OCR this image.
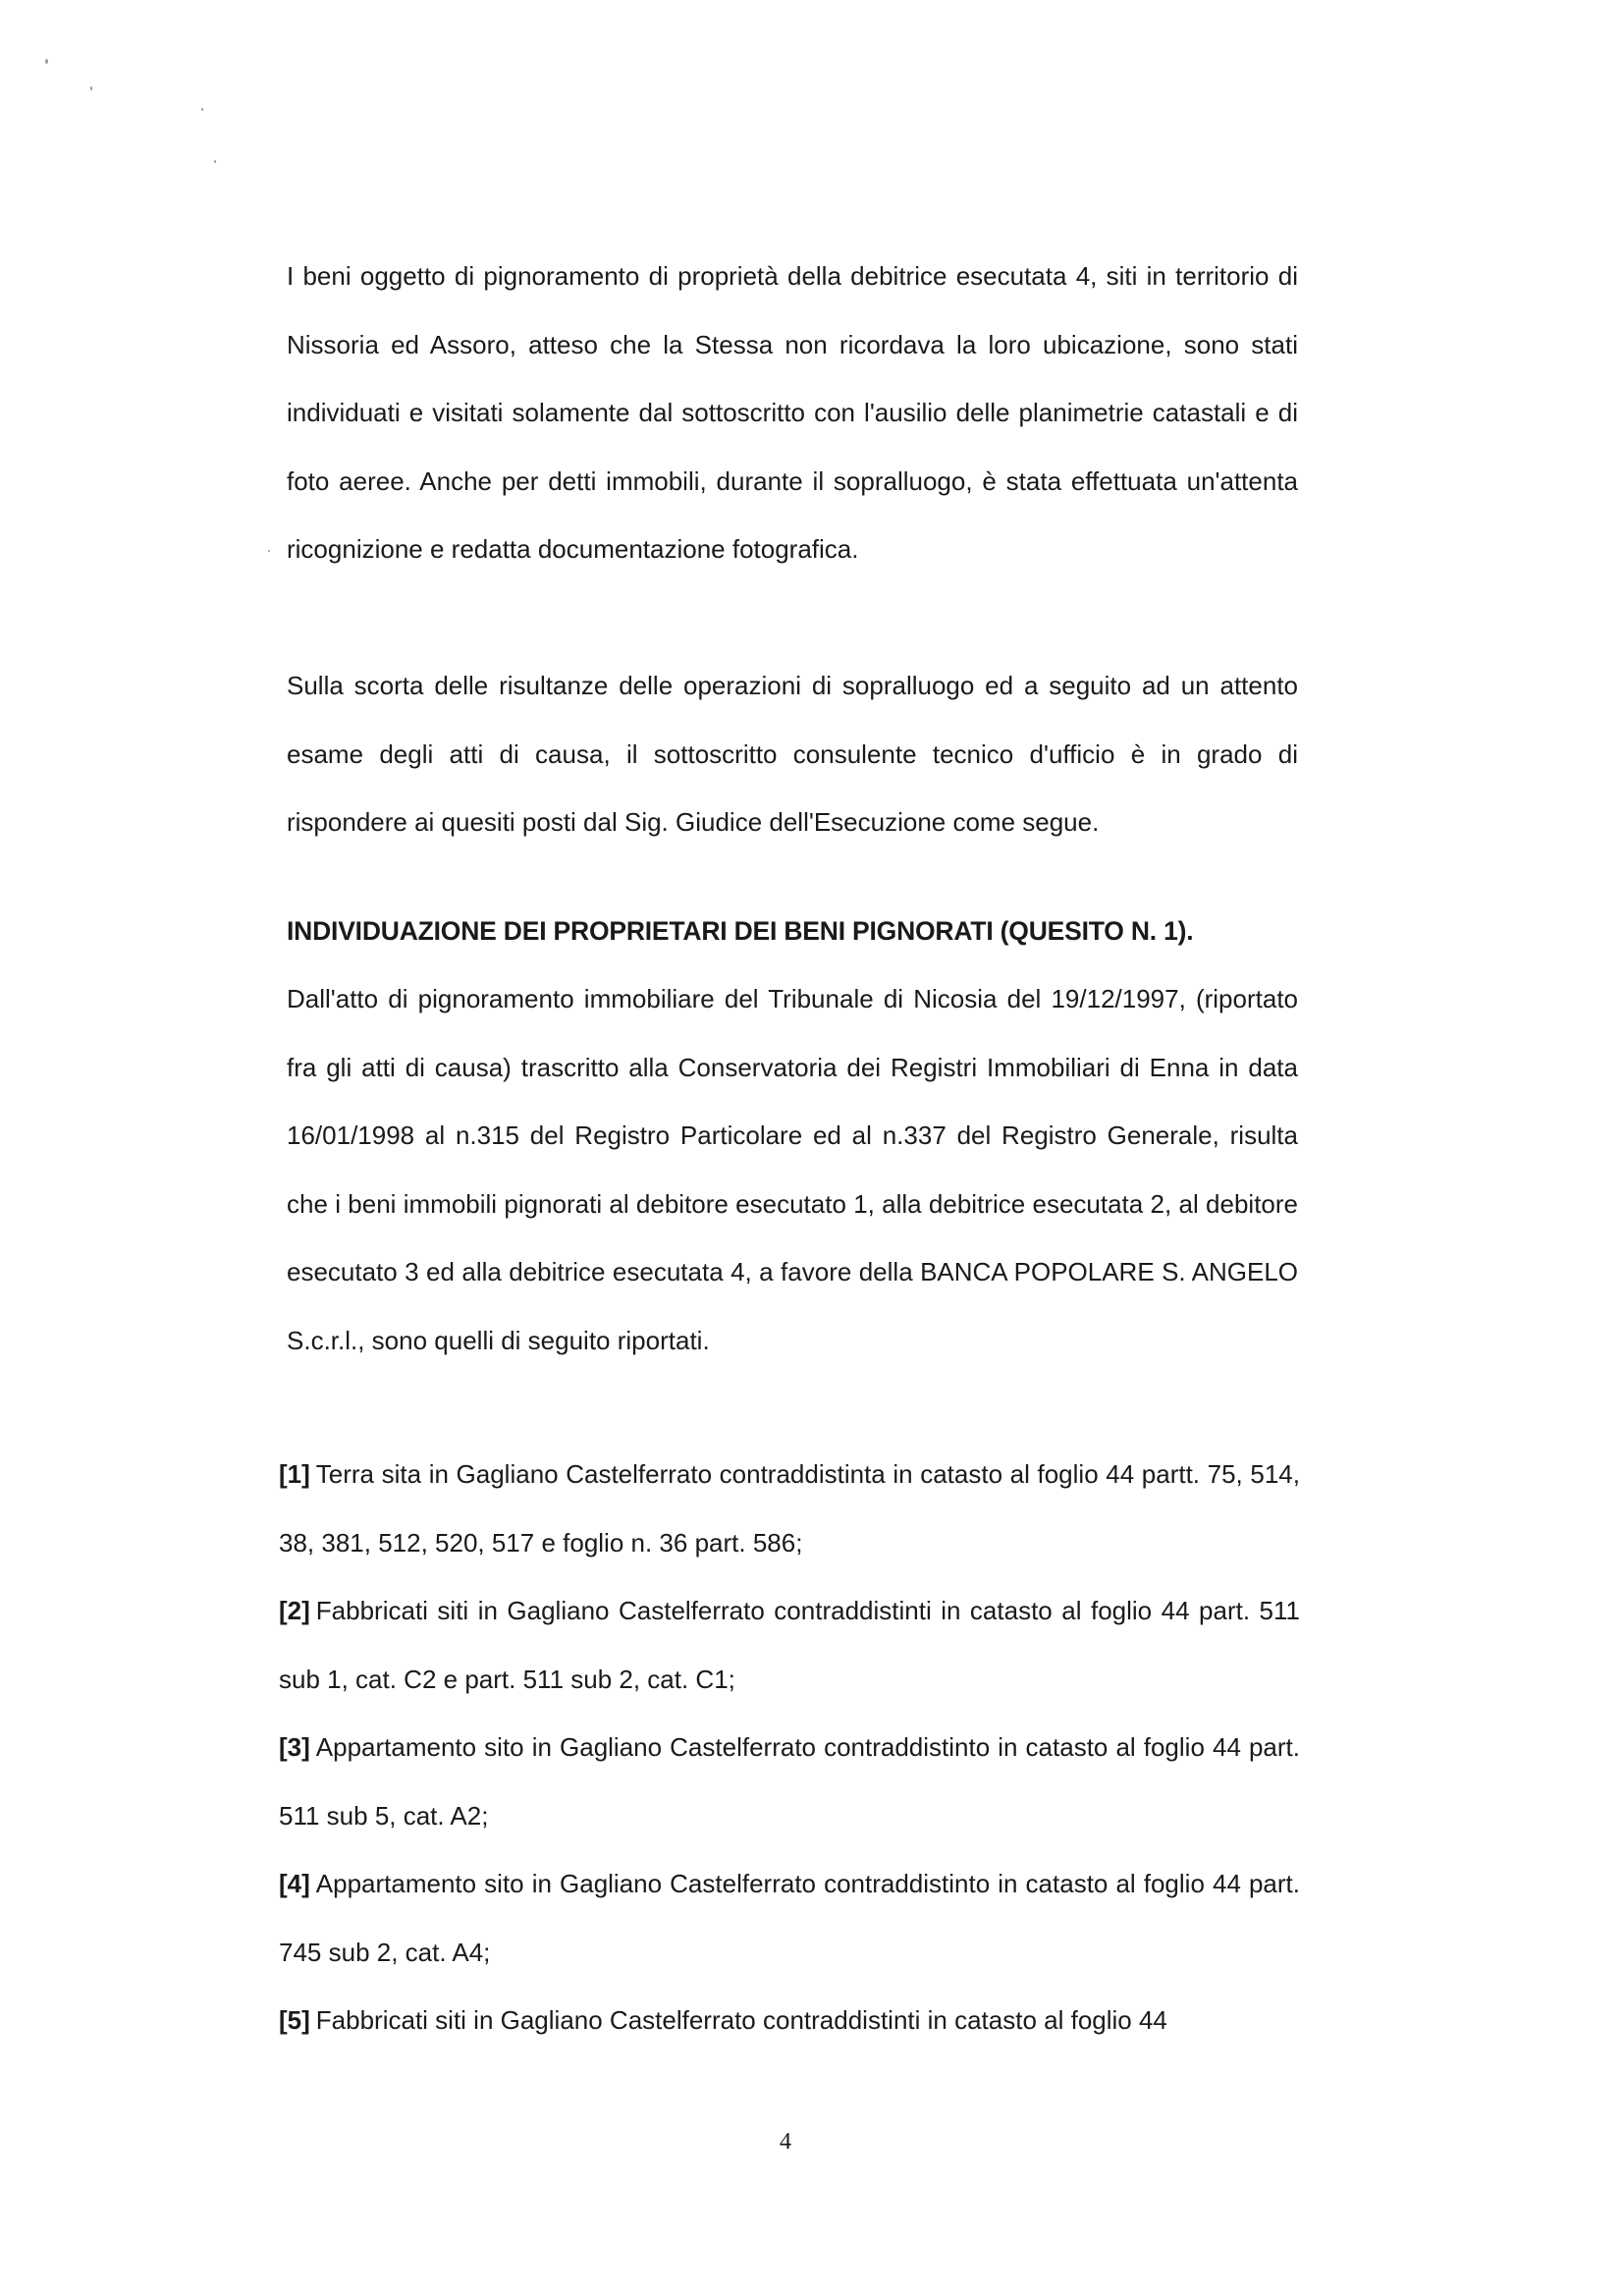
I beni oggetto di pignoramento di proprietà della debitrice esecutata 4, siti in territorio di Nissoria ed Assoro, atteso che la Stessa non ricordava la loro ubicazione, sono stati individuati e visitati solamente dal sottoscritto con l'ausilio delle planimetrie catastali e di foto aeree. Anche per detti immobili, durante il sopralluogo, è stata effettuata un'attenta ricognizione e redatta documentazione fotografica.
Sulla scorta delle risultanze delle operazioni di sopralluogo ed a seguito ad un attento esame degli atti di causa, il sottoscritto consulente tecnico d'ufficio è in grado di rispondere ai quesiti posti dal Sig. Giudice dell'Esecuzione come segue.
INDIVIDUAZIONE DEI PROPRIETARI DEI BENI PIGNORATI (QUESITO N. 1).
Dall'atto di pignoramento immobiliare del Tribunale di Nicosia del 19/12/1997, (riportato fra gli atti di causa) trascritto alla Conservatoria dei Registri Immobiliari di Enna in data 16/01/1998 al n.315 del Registro Particolare ed al n.337 del Registro Generale, risulta che i beni immobili pignorati al debitore esecutato 1, alla debitrice esecutata 2, al debitore esecutato 3 ed alla debitrice esecutata 4, a favore della BANCA POPOLARE S. ANGELO S.c.r.l., sono quelli di seguito riportati.
[1] Terra sita in Gagliano Castelferrato contraddistinta in catasto al foglio 44 partt. 75, 514, 38, 381, 512, 520, 517 e foglio n. 36 part. 586;
[2] Fabbricati siti in Gagliano Castelferrato contraddistinti in catasto al foglio 44 part. 511 sub 1, cat. C2 e part. 511 sub 2, cat. C1;
[3] Appartamento sito in Gagliano Castelferrato contraddistinto in catasto al foglio 44 part. 511 sub 5, cat. A2;
[4] Appartamento sito in Gagliano Castelferrato contraddistinto in catasto al foglio 44 part. 745 sub 2, cat. A4;
[5] Fabbricati siti in Gagliano Castelferrato contraddistinti in catasto al foglio 44
4
